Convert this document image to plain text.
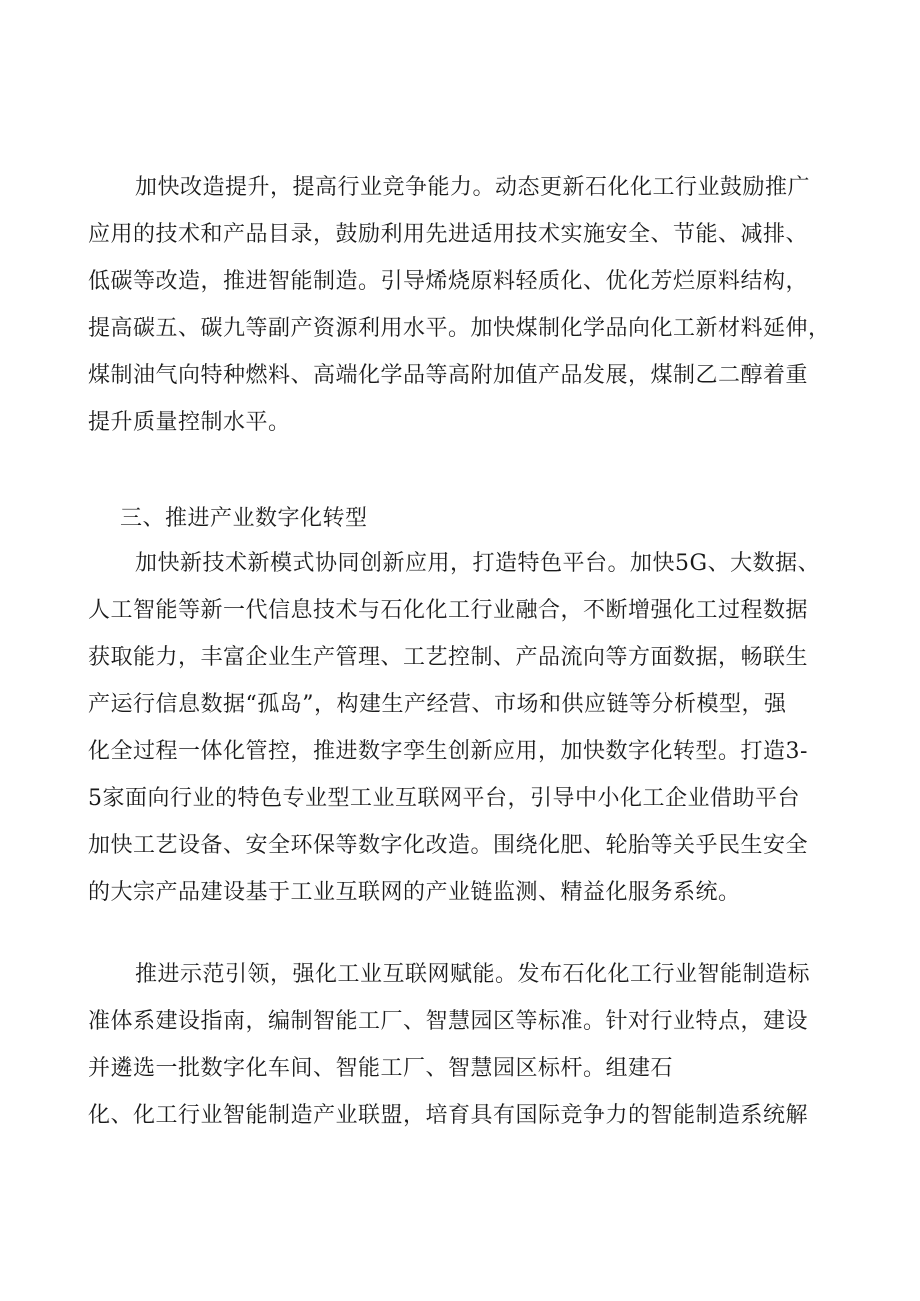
加快改造提升，提高行业竞争能力。动态更新石化化工行业鼓励推广
应用的技术和产品目录，鼓励利用先进适用技术实施安全、节能、减排、
低碳等改造，推进智能制造。引导烯烧原料轻质化、优化芳烂原料结构，
提高碳五、碳九等副产资源利用水平。加快煤制化学品向化工新材料延伸，
煤制油气向特种燃料、高端化学品等高附加值产品发展，煤制乙二醇着重
提升质量控制水平。
三、推进产业数字化转型
加快新技术新模式协同创新应用，打造特色平台。加快5G、大数据、
人工智能等新一代信息技术与石化化工行业融合，不断增强化工过程数据
获取能力，丰富企业生产管理、工艺控制、产品流向等方面数据，畅联生
产运行信息数据“孤岛”，构建生产经营、市场和供应链等分析模型，强
化全过程一体化管控，推进数字孪生创新应用，加快数字化转型。打造3-
5家面向行业的特色专业型工业互联网平台，引导中小化工企业借助平台
加快工艺设备、安全环保等数字化改造。围绕化肥、轮胎等关乎民生安全
的大宗产品建设基于工业互联网的产业链监测、精益化服务系统。
推进示范引领，强化工业互联网赋能。发布石化化工行业智能制造标
准体系建设指南，编制智能工厂、智慧园区等标准。针对行业特点，建设
并遴选一批数字化车间、智能工厂、智慧园区标杆。组建石
化、化工行业智能制造产业联盟，培育具有国际竞争力的智能制造系统解
